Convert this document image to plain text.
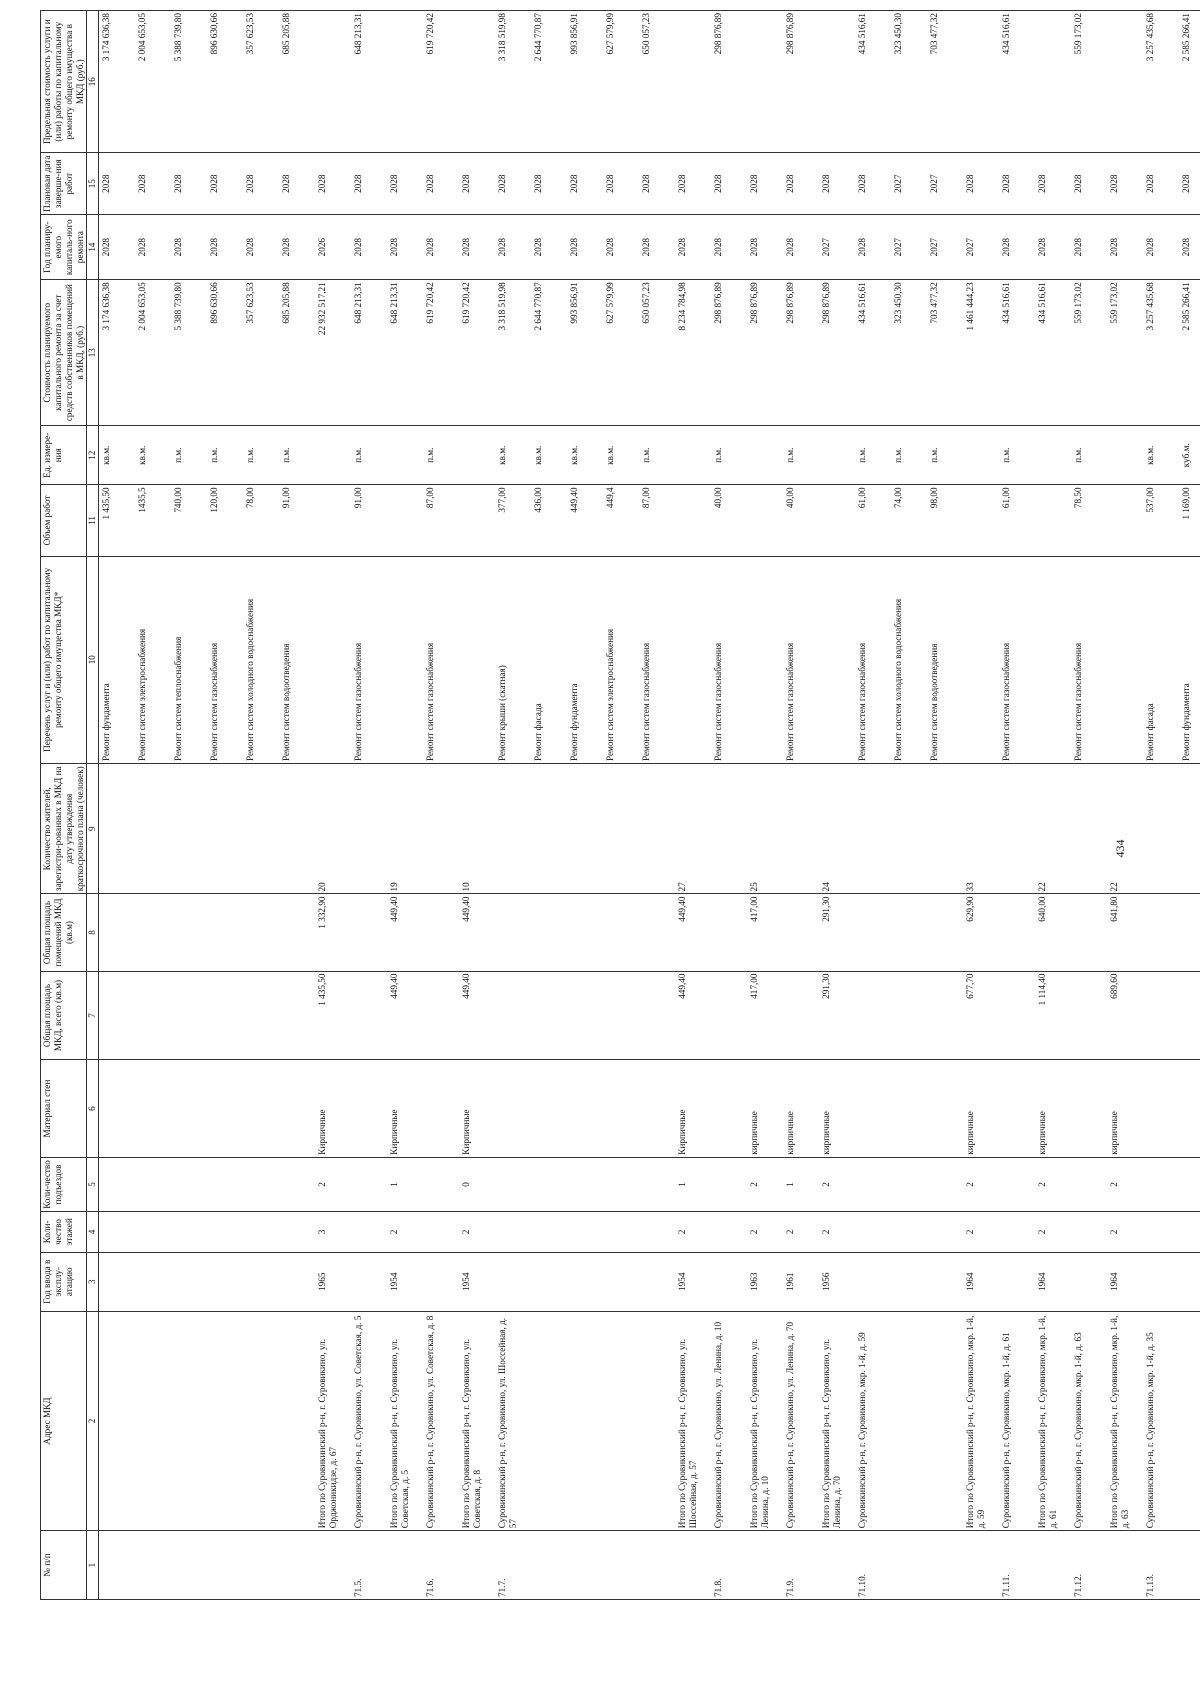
434
№ п/п	Адрес МКД	Год ввода в эксплу-атацию	Коли-чество этажей	Коли-чество подъездов	Материал стен	Общая площадь МКД, всего (кв.м)	Общая площадь помещений МКД (кв.м)	Количество жителей, зарегистри-рованных в МКД на дату утверждения краткосрочного плана (человек)	Перечень услуг и (или) работ по капитальному ремонту общего имущества МКД*	Объем работ	Ед. измере-ния	Стоимость планируемого капитального ремонта за счет средств собственников помещений в МКД, (руб.)	Год планиру-емого капиталь-ного ремонта	Плановая дата заверше-ния работ	Предельная стоимость услуги и (или) работы по капитальному ремонту общего имущества в МКД (руб.)
1	2	3	4	5	6	7	8	9	10	11	12	13	14	15	16
									Ремонт фундамента	1 435,50	кв.м.	3 174 636,38	2028	2028	3 174 636,38
									Ремонт систем электроснабжения	1435,5	кв.м.	2 004 653,05	2028	2028	2 004 653,05
									Ремонт систем теплоснабжения	740,00	п.м.	5 388 739,80	2028	2028	5 388 739,80
									Ремонт систем газоснабжения	120,00	п.м.	896 630,66	2028	2028	896 630,66
									Ремонт систем холодного водоснабжения	78,00	п.м.	357 623,53	2028	2028	357 623,53
									Ремонт систем водоотведения	91,00	п.м.	685 205,88	2028	2028	685 205,88
	Итого по Суровикинский р-н, г. Суровикино, ул. Орджоникидзе, д. 67	1965	3	2	Кирпичные	1 435,50	1 332,90	20				22 932 517,21	2026	2028	
71.5.	Суровикинский р-н, г. Суровикино, ул. Советская, д. 5								Ремонт систем газоснабжения	91,00	п.м.	648 213,31	2028	2028	648 213,31
	Итого по Суровикинский р-н, г. Суровикино, ул. Советская, д. 5	1954	2	1	Кирпичные	449,40	449,40	19				648 213,31	2028	2028	
71.6.	Суровикинский р-н, г. Суровикино, ул. Советская, д. 8								Ремонт систем газоснабжения	87,00	п.м.	619 720,42	2028	2028	619 720,42
	Итого по Суровикинский р-н, г. Суровикино, ул. Советская, д. 8	1954	2	0	Кирпичные	449,40	449,40	10				619 720,42	2028	2028	
71.7.	Суровикинский р-н, г. Суровикино, ул. Шоссейная, д. 57								Ремонт крыши (скатная)	377,00	кв.м.	3 318 519,98	2028	2028	3 318 519,98
									Ремонт фасада	436,00	кв.м.	2 644 770,87	2028	2028	2 644 770,87
									Ремонт фундамента	449,40	кв.м.	993 856,91	2028	2028	993 856,91
									Ремонт систем электроснабжения	449,4	кв.м.	627 579,99	2028	2028	627 579,99
									Ремонт систем газоснабжения	87,00	п.м.	650 057,23	2028	2028	650 057,23
	Итого по Суровикинский р-н, г. Суровикино, ул. Шоссейная, д. 57	1954	2	1	Кирпичные	449,40	449,40	27				8 234 784,98	2028	2028	
71.8.	Суровикинский р-н, г. Суровикино, ул. Ленина, д. 10								Ремонт систем газоснабжения	40,00	п.м.	298 876,89	2028	2028	298 876,89
	Итого по Суровикинский р-н, г. Суровикино, ул. Ленина, д. 10	1963	2	2	кирпичные	417,00	417,00	25				298 876,89	2028	2028	
71.9.	Суровикинский р-н, г. Суровикино, ул. Ленина, д. 70	1961	2	1	кирпичные				Ремонт систем газоснабжения	40,00	п.м.	298 876,89	2028	2028	298 876,89
	Итого по Суровикинский р-н, г. Суровикино, ул. Ленина, д. 70	1956	2	2	кирпичные	291,30	291,30	24				298 876,89	2027	2028	
71.10.	Суровикинский р-н, г. Суровикино, мкр. 1-й, д. 59								Ремонт систем газоснабжения	61,00	п.м.	434 516,61	2028	2028	434 516,61
									Ремонт систем холодного водоснабжения	74,00	п.м.	323 450,30	2027	2027	323 450,30
									Ремонт систем водоотведения	98,00	п.м.	703 477,32	2027	2027	703 477,32
	Итого по Суровикинский р-н, г. Суровикино, мкр. 1-й, д. 59	1964	2	2	кирпичные	677,70	629,90	33				1 461 444,23	2027	2028	
71.11.	Суровикинский р-н, г. Суровикино, мкр. 1-й, д. 61								Ремонт систем газоснабжения	61,00	п.м.	434 516,61	2028	2028	434 516,61
	Итого по Суровикинский р-н, г. Суровикино, мкр. 1-й, д. 61	1964	2	2	кирпичные	1 114,40	640,00	22				434 516,61	2028	2028	
71.12.	Суровикинский р-н, г. Суровикино, мкр. 1-й, д. 63								Ремонт систем газоснабжения	78,50	п.м.	559 173,02	2028	2028	559 173,02
	Итого по Суровикинский р-н, г. Суровикино, мкр. 1-й, д. 63	1964	2	2	кирпичные	689,60	641,80	22				559 173,02	2028	2028	
71.13.	Суровикинский р-н, г. Суровикино, мкр. 1-й, д. 35								Ремонт фасада	537,00	кв.м.	3 257 435,68	2028	2028	3 257 435,68
									Ремонт фундамента	1 169,00	куб.м.	2 585 266,41	2028	2028	2 585 266,41
